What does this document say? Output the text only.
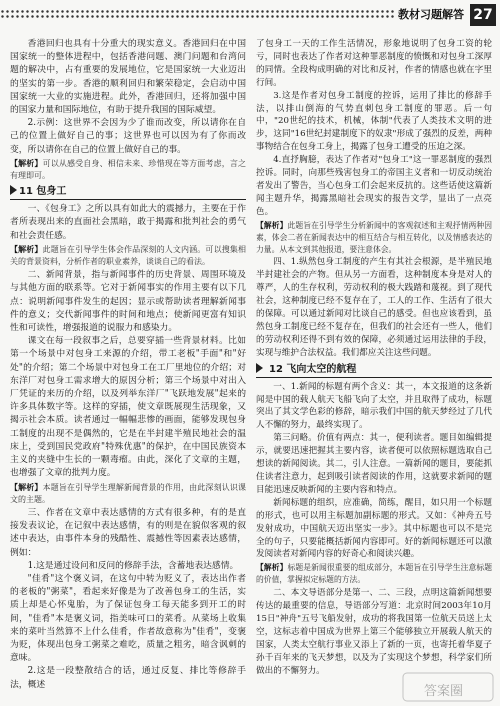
教材习题解答 27

香港回归也具有十分重大的现实意义。香港回归在中国国家统一的整体进程中，包括香港问题、澳门问题和台湾问题的解决中，占有重要的发展地位，它是国家统一大业迈出的坚实的第一步。香港的顺利回归和繁荣稳定，会启动中国国家统一大业的实施进程。此外，香港回归，还将加强中国的国家力量和国际地位，有助于提升我国的国际威望。

2.示例：这世界不会因为少了谁而改变，所以请你在自己的位置上做好自己的事；这世界也可以因为有了你而改变，所以请你在自己的位置上做好自己的事。

【解析】可以从感受自身、相信未来、珍惜现在等方面考虑，言之有理即可。

11 包身工

一、《包身工》之所以具有如此大的震撼力，主要在于作者所表现出来的直面社会黑暗，敢于揭露和批判社会的勇气和社会责任感。

【解析】此题旨在引导学生体会作品深刻的人文内涵。可以搜集相关的背景资料，分析作者的职业素养，谈谈自己的看法。

二、新闻背景，指与新闻事件的历史背景、周围环境及与其他方面的联系等。它对于新闻事实的作用主要有以下几点：说明新闻事件发生的起因；显示或帮助读者理解新闻事件的意义；交代新闻事件的时间和地点；使新闻更富有知识性和可读性，增强报道的说服力和感染力。

课文在每一段叙事之后，总要穿插一些背景材料。比如第一个场景中对包身工来源的介绍，带工老板"手面"和"好处"的介绍；第二个场景中对包身工在工厂里地位的介绍；对东洋厂对包身工需求增大的原因分析；第三个场景中对出入厂凭证的来历的介绍，以及列举东洋厂"飞跃地发展"起来的许多具体数字等。这样的穿插，使文章既展现生活现象，又揭示社会本质。读者通过一幅幅悲惨的画面，能够发现包身工制度的出现不是偶然的，它是在半封建半殖民地社会的温床上，受到国民党政府"特殊优惠"的保护，在中国民族资本主义的夹缝中生长的一颗毒瘤。由此，深化了文章的主题，也增强了文章的批判力度。

【解析】本题旨在引导学生理解新闻背景的作用，由此深刻认识课文的主题。

三、作者在文章中表达感情的方式有很多种，有的是直接发表议论，在记叙中表达感情，有的则是在貌似客观的叙述中表达，由事件本身的残酷性、震撼性等因素表达感情，例如：

1.这是通过设问和反问的修辞手法，含蓄地表达感情。

"佳肴"这个褒义词，在这句中转为贬义了，表达出作者的老板的"粥菜"，看起来好像是为了改善包身工的生活，实质上却是心怀鬼胎，为了保证包身工每天能多到开工的时间，"佳肴"本是褒义词，指美味可口的菜肴。从菜场上收集来的菜叶当然算不上什么佳肴，作者故意称为"佳肴"，变褒为贬，体现出包身工粥菜之难吃，质量之粗劣，暗含讽刺的意味。

2.这是一段整散结合的话，通过反复、排比等修辞手法，概述

了包身工一天的工作生活情况，形象地说明了包身工资的轮亏，同时也表达了作者对这种罪恶制度的愤慨和对包身工深厚的同情。全段构成明确的对比和反衬，作者的情感也就在字里行间。

3.这是作者对包身工制度的控诉，运用了排比的修辞手法，以排山倒海的气势直刺包身工制度的罪恶。后一句中，"20世纪的技术，机械，体制"代表了人类技术文明的进步，这同"16世纪封建制度下的奴隶"形成了强烈的反差，两种事物结合在包身工身上，揭露了包身工遭受的压迫之深。

4.直抒胸臆，表达了作者对"包身工"这一罪恶制度的强烈控诉。同时，向那些残害包身工的帝国主义者和一切反动统治者发出了警告，当心包身工们会起来反抗的。这些话使这篇新闻主题升华，揭露黑暗社会现实的报告文学，显出了一点亮色。

【解析】此题旨在引导学生分析新闻中的客观叙述和主观抒情两种因素，体会二者在新闻表达中的相互结合与相互转化，以及情感表达的力量。从本文到其他报道，要注意体会。

四、1.纵然包身工制度的产生有其社会根源，是半殖民地半封建社会的产物。但从另一方面看，这种制度本身是对人的尊严，人的生存权利，劳动权利的极大践踏和蔑视。到了现代社会，这种制度已经不复存在了，工人的工作、生活有了很大的保障。可以通过新闻对比谈自己的感受。但也应该看到，虽然包身工制度已经不复存在，但我们的社会还有一些人，他们的劳动权利还得不到有效的保障，必须通过运用法律的手段，实现与维护合法权益。我们都应关注这些问题。

12 飞向太空的航程

一、1.新闻的标题有两个含义：其一，本文报道的这条新闻是中国的载人航天飞船飞向了太空，并且取得了成功，标题突出了其文学色彩的修辞，暗示我们中国的航天梦经过了几代人不懈的努力，最终实现了。

第三问略。价值有两点：其一，便利读者。题目如编辑提示，就要迅速把握其主要内容，读者便可以依照标题选取自己想读的新闻阅读。其二，引人注意。一篇新闻的题目，要能抓住读者注意力，起到吸引读者阅读的作用，这就要求新闻的题目能迅速反映新闻的主要内容和特点。

新闻标题的组织，应准确，简练，醒目，如只用一个标题的形式，也可以用主标题加副标题的形式。又如：《神舟五号发射成功，中国航天迈出坚实一步》。其中标题也可以不是完全的句子，只要能概括新闻内容即可。好的新闻标题还可以激发阅读者对新闻内容的好奇心和阅读兴趣。

【解析】标题是新闻很重要的组成部分，本题旨在引导学生注意标题的价值，掌握拟定标题的方法。

二、本文导语部分是第一、二、三段，点明这篇新闻想要传达的最重要的信息，导语部分写道：北京时间2003年10月15日"神舟"五号飞船发射，成功的将我国第一位航天员送上太空，这标志着中国成为世界上第三个能够独立开展载人航天的国家，人类太空航行事业又添上了新的一页，也寄托着华夏子孙千百年来的飞天梦想，以及为了实现这个梦想，科学家们所做出的不懈努力。

答案圈
